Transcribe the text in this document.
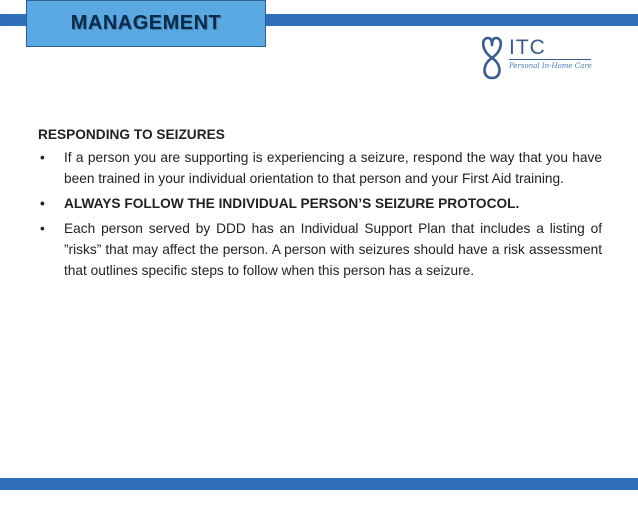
MANAGEMENT
ITC
Personal In-Home Care
RESPONDING TO SEIZURES
• If a person you are supporting is experiencing a seizure, respond the way that you have been trained in your individual orientation to that person and your First Aid training.
• ALWAYS FOLLOW THE INDIVIDUAL PERSON’S SEIZURE PROTOCOL.
• Each person served by DDD has an Individual Support Plan that includes a listing of ”risks” that may affect the person. A person with seizures should have a risk assessment that outlines specific steps to follow when this person has a seizure.
